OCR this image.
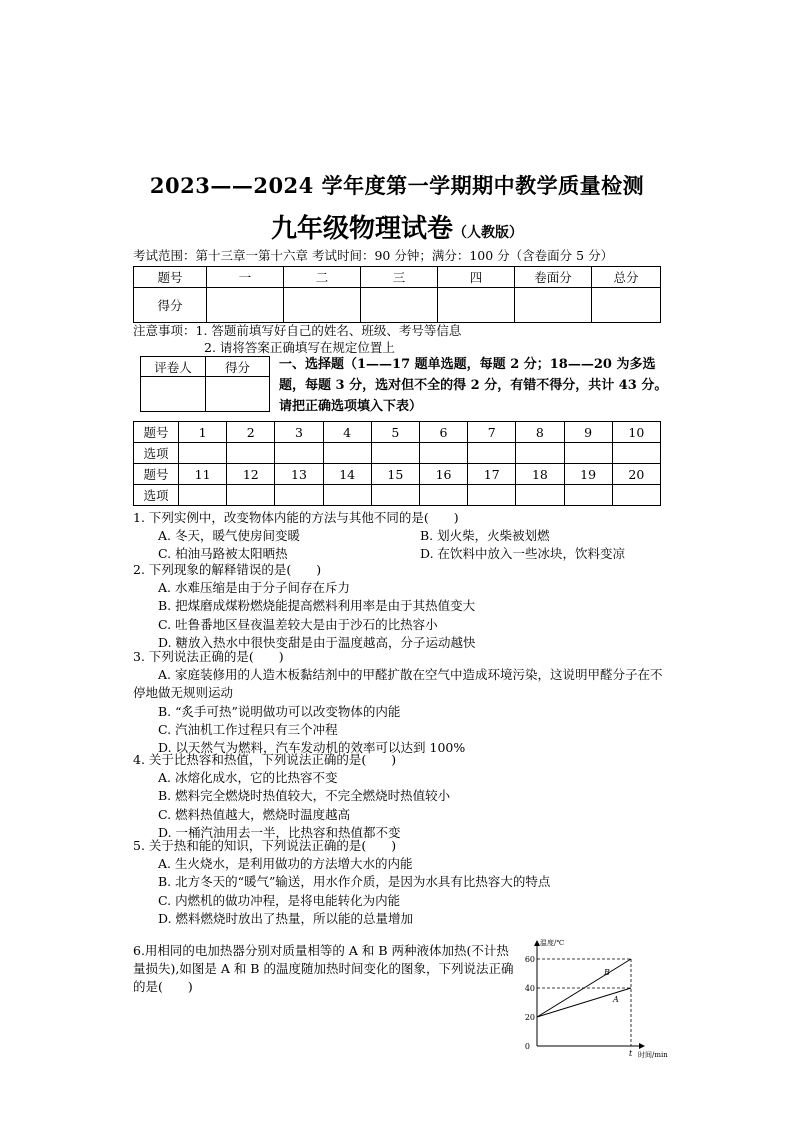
2023——2024 学年度第一学期期中教学质量检测
九年级物理试卷（人教版）
考试范围：第十三章一第十六章 考试时间：90 分钟；满分：100 分（含卷面分 5 分）
题号	一	二	三	四	卷面分	总分
得分						
注意事项：1. 答题前填写好自己的姓名、班级、考号等信息
2. 请将答案正确填写在规定位置上
评卷人	得分
	一、选择题（1——17 题单选题，每题 2 分；18——20 为多选题，每题 3 分，选对但不全的得 2 分，有错不得分，共计 43 分。请把正确选项填入下表）
题号	1	2	3	4	5	6	7	8	9	10
选项										
题号	11	12	13	14	15	16	17	18	19	20
选项										
1. 下列实例中，改变物体内能的方法与其他不同的是(　　)
A. 冬天，暖气使房间变暖	B. 划火柴，火柴被划燃
C. 柏油马路被太阳晒热	D. 在饮料中放入一些冰块，饮料变凉
2. 下列现象的解释错误的是(　　)
A. 水难压缩是由于分子间存在斥力
B. 把煤磨成煤粉燃烧能提高燃料利用率是由于其热值变大
C. 吐鲁番地区昼夜温差较大是由于沙石的比热容小
D. 糖放入热水中很快变甜是由于温度越高，分子运动越快
3. 下列说法正确的是(　　)
A. 家庭装修用的人造木板黏结剂中的甲醛扩散在空气中造成环境污染，这说明甲醛分子在不停地做无规则运动
B. “炙手可热”说明做功可以改变物体的内能
C. 汽油机工作过程只有三个冲程
D. 以天然气为燃料，汽车发动机的效率可以达到 100%
4. 关于比热容和热值，下列说法正确的是(　　)
A. 冰熔化成水，它的比热容不变
B. 燃料完全燃烧时热值较大，不完全燃烧时热值较小
C. 燃料热值越大，燃烧时温度越高
D. 一桶汽油用去一半，比热容和热值都不变
5. 关于热和能的知识，下列说法正确的是(　　)
A. 生火烧水，是利用做功的方法增大水的内能
B. 北方冬天的“暖气”输送，用水作介质，是因为水具有比热容大的特点
C. 内燃机的做功冲程，是将电能转化为内能
D. 燃料燃烧时放出了热量，所以能的总量增加
6.用相同的电加热器分别对质量相等的 A 和 B 两种液体加热(不计热量损失),如图是 A 和 B 的温度随加热时间变化的图象，下列说法正确的是(　　)
温度/℃
时间/min
0
20
40
60
t
B
A
